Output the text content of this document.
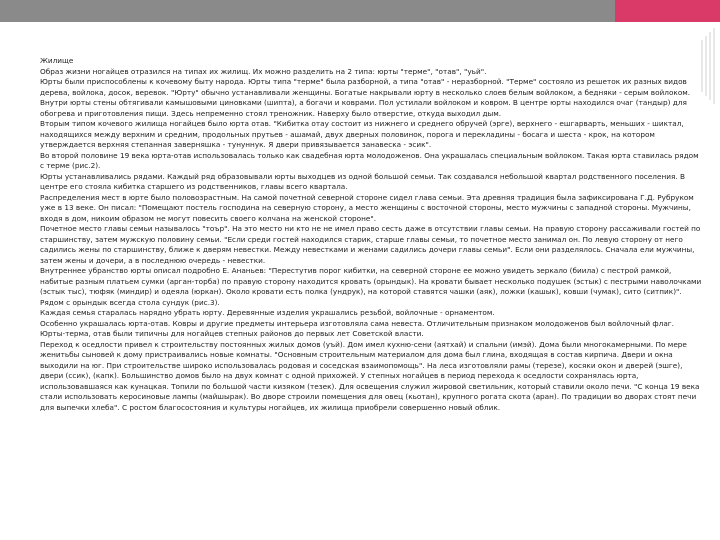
Жилище

Образ жизни ногайцев отразился на типах их жилищ. Их можно разделить на 2 типа: юрты "терме", "отав", "уьй".

Юрты были приспособлены к кочевому быту народа. Юрты типа "терме" была разборной, а типа "отав" - неразборной. "Терме" состояло из решеток их разных видов дерева, войлока, досок, веревок. "Юрту" обычно устанавливали женщины. Богатые накрывали юрту в несколько слоев белым войлоком, а бедняки - серым войлоком. Внутри юрты стены обтягивали камышовыми циновками (шипта), а богачи и коврами. Пол устилали войлоком и ковром. В центре юрты находился очаг (тандыр) для обогрева и приготовления пищи. Здесь непременно стоял треножник. Наверху было отверстие, откуда выходил дым.

Вторым типом кочевого жилища ногайцев было юрта отав. "Кибитка отау состоит из нижнего и среднего обручей (эрге), верхнего - ешгарварть, меньших - шиктал, находящихся между верхним и средним, продольных прутьев - ашамай, двух дверных половинок, порога и перекладины - босага и шеста - крок, на котором утверждается верхняя степанная заверняшка - тунуннук. Я двери привязывается занавеска - эсик".

Во второй половине 19 века юрта-отав использовалась только как свадебная юрта молодоженов. Она украшалась специальным войлоком. Такая юрта ставилась рядом с терме (рис.2).

Юрты устанавливались рядами. Каждый ряд образовывали юрты выходцев из одной большой семьи. Так создавался небольшой квартал родственного поселения. В центре его стояла кибитка старшего из родственников, главы всего квартала.

Распределения мест в юрте было половозрастным. На самой почетной северной стороне сидел глава семьи. Эта древняя традиция была зафиксирована Г.Д. Рубруком уже в 13 веке. Он писал: "Помещают постель господина на северную сторону, а место женщины с восточной стороны, место мужчины с западной стороны. Мужчины, входя в дом, никоим образом не могут повесить своего колчана на женской стороне".

Почетное место главы семьи называлось "тоър". На это место ни кто не не имел право сесть даже в отсутствии главы семьи. На правую сторону рассаживали гостей по старшинству, затем мужскую половину семьи. "Если среди гостей находился старик, старше главы семьи, то почетное место занимал он. По левую сторону от него садились жены по старшинству, ближе к дверям невестки. Между невестками и женами садились дочери главы семьи". Если они разделялось. Сначала ели мужчины, затем жены и дочери, а в последнюю очередь - невестки.

Внутреннее убранство юрты описал подробно Е. Ананьев: "Перестутив порог кибитки, на северной стороне ее можно увидеть зеркало (биила) с пестрой рамкой, набитые разным платьем сумки (арган-торба) по правую сторону находится кровать (орындык). На кровати бывает несколько подушек (эстык) с пестрыми наволочками (эстык тыс), тюфяк (миндир) и одеяла (юркан). Около кровати есть полка (ундрук), на которой ставятся чашки (аяк), ложки (кашык), ковши (чумак), сито (ситпик)". Рядом с орындык всегда стола сундук (рис.3).

Каждая семья старалась нарядно убрать юрту. Деревянные изделия украшались резьбой, войлочные - орнаментом.

Особенно украшалась юрта-отав. Ковры и другие предметы интерьера изготовляла сама невеста. Отличительным признаком молодоженов был войлочный флаг.

Юрты-терма, отав были типичны для ногайцев степных районов до первых лет Советской власти.

Переход к оседлости привел к строительству постоянных жилых домов (уъй). Дом имел кухню-сени (аятхай) и спальни (имэй). Дома были многокамерными. По мере женитьбы сыновей к дому пристраивались новые комнаты. "Основным строительным материалом для дома был глина, входящая в состав кирпича. Двери и окна выходили на юг. При строительстве широко использовалась родовая и соседская взаимопомощь". На леса изготовляли рамы (терезе), косяки окон и дверей (эшге), двери (ссик), (капк). Большинство домов было на двух комнат с одной прихожей. У степных ногайцев в период перехода к оседлости сохранялась юрта, использовавшаяся как кунацкая. Топили по большой части кизяком (тезек). Для освещения служил жировой светильник, который ставили около печи. "С конца 19 века стали использовать керосиновые лампы (майшырак). Во дворе строили помещения для овец (кьотан), крупного рогата скота (аран). По традиции во дворах стоят печи для выпечки хлеба". С ростом благосостояния и культуры ногайцев, их жилища приобрели совершенно новый облик.
